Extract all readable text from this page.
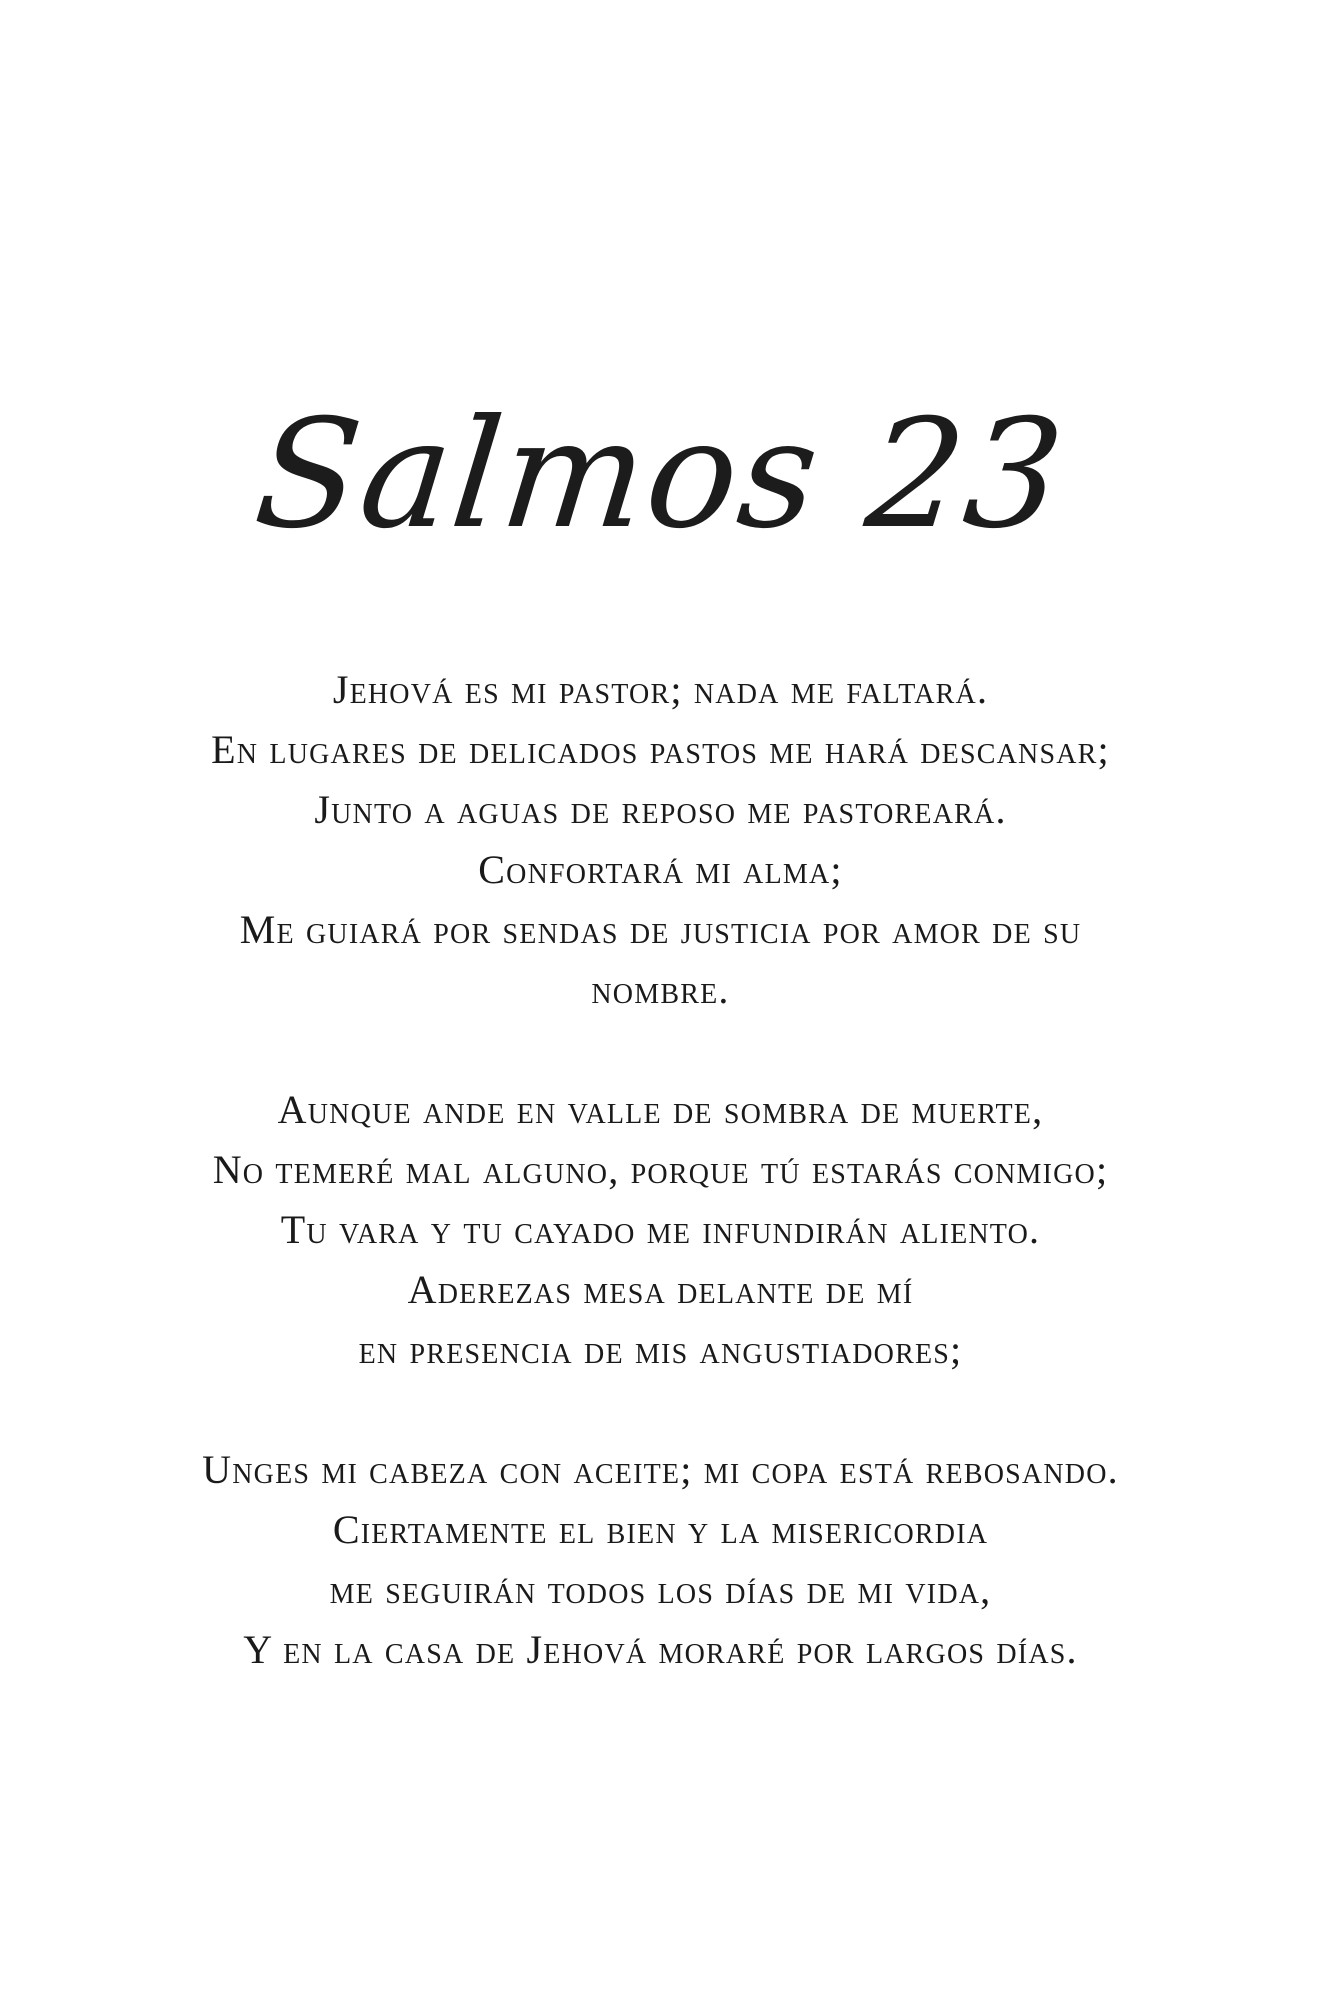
Salmos 23
Jehová es mi pastor; nada me faltará.
En lugares de delicados pastos me hará descansar;
Junto a aguas de reposo me pastoreará.
Confortará mi alma;
Me guiará por sendas de justicia por amor de su
nombre.
Aunque ande en valle de sombra de muerte,
No temeré mal alguno, porque tú estarás conmigo;
Tu vara y tu cayado me infundirán aliento.
Aderezas mesa delante de mí
en presencia de mis angustiadores;
Unges mi cabeza con aceite; mi copa está rebosando.
Ciertamente el bien y la misericordia
me seguirán todos los días de mi vida,
Y en la casa de Jehová moraré por largos días.
